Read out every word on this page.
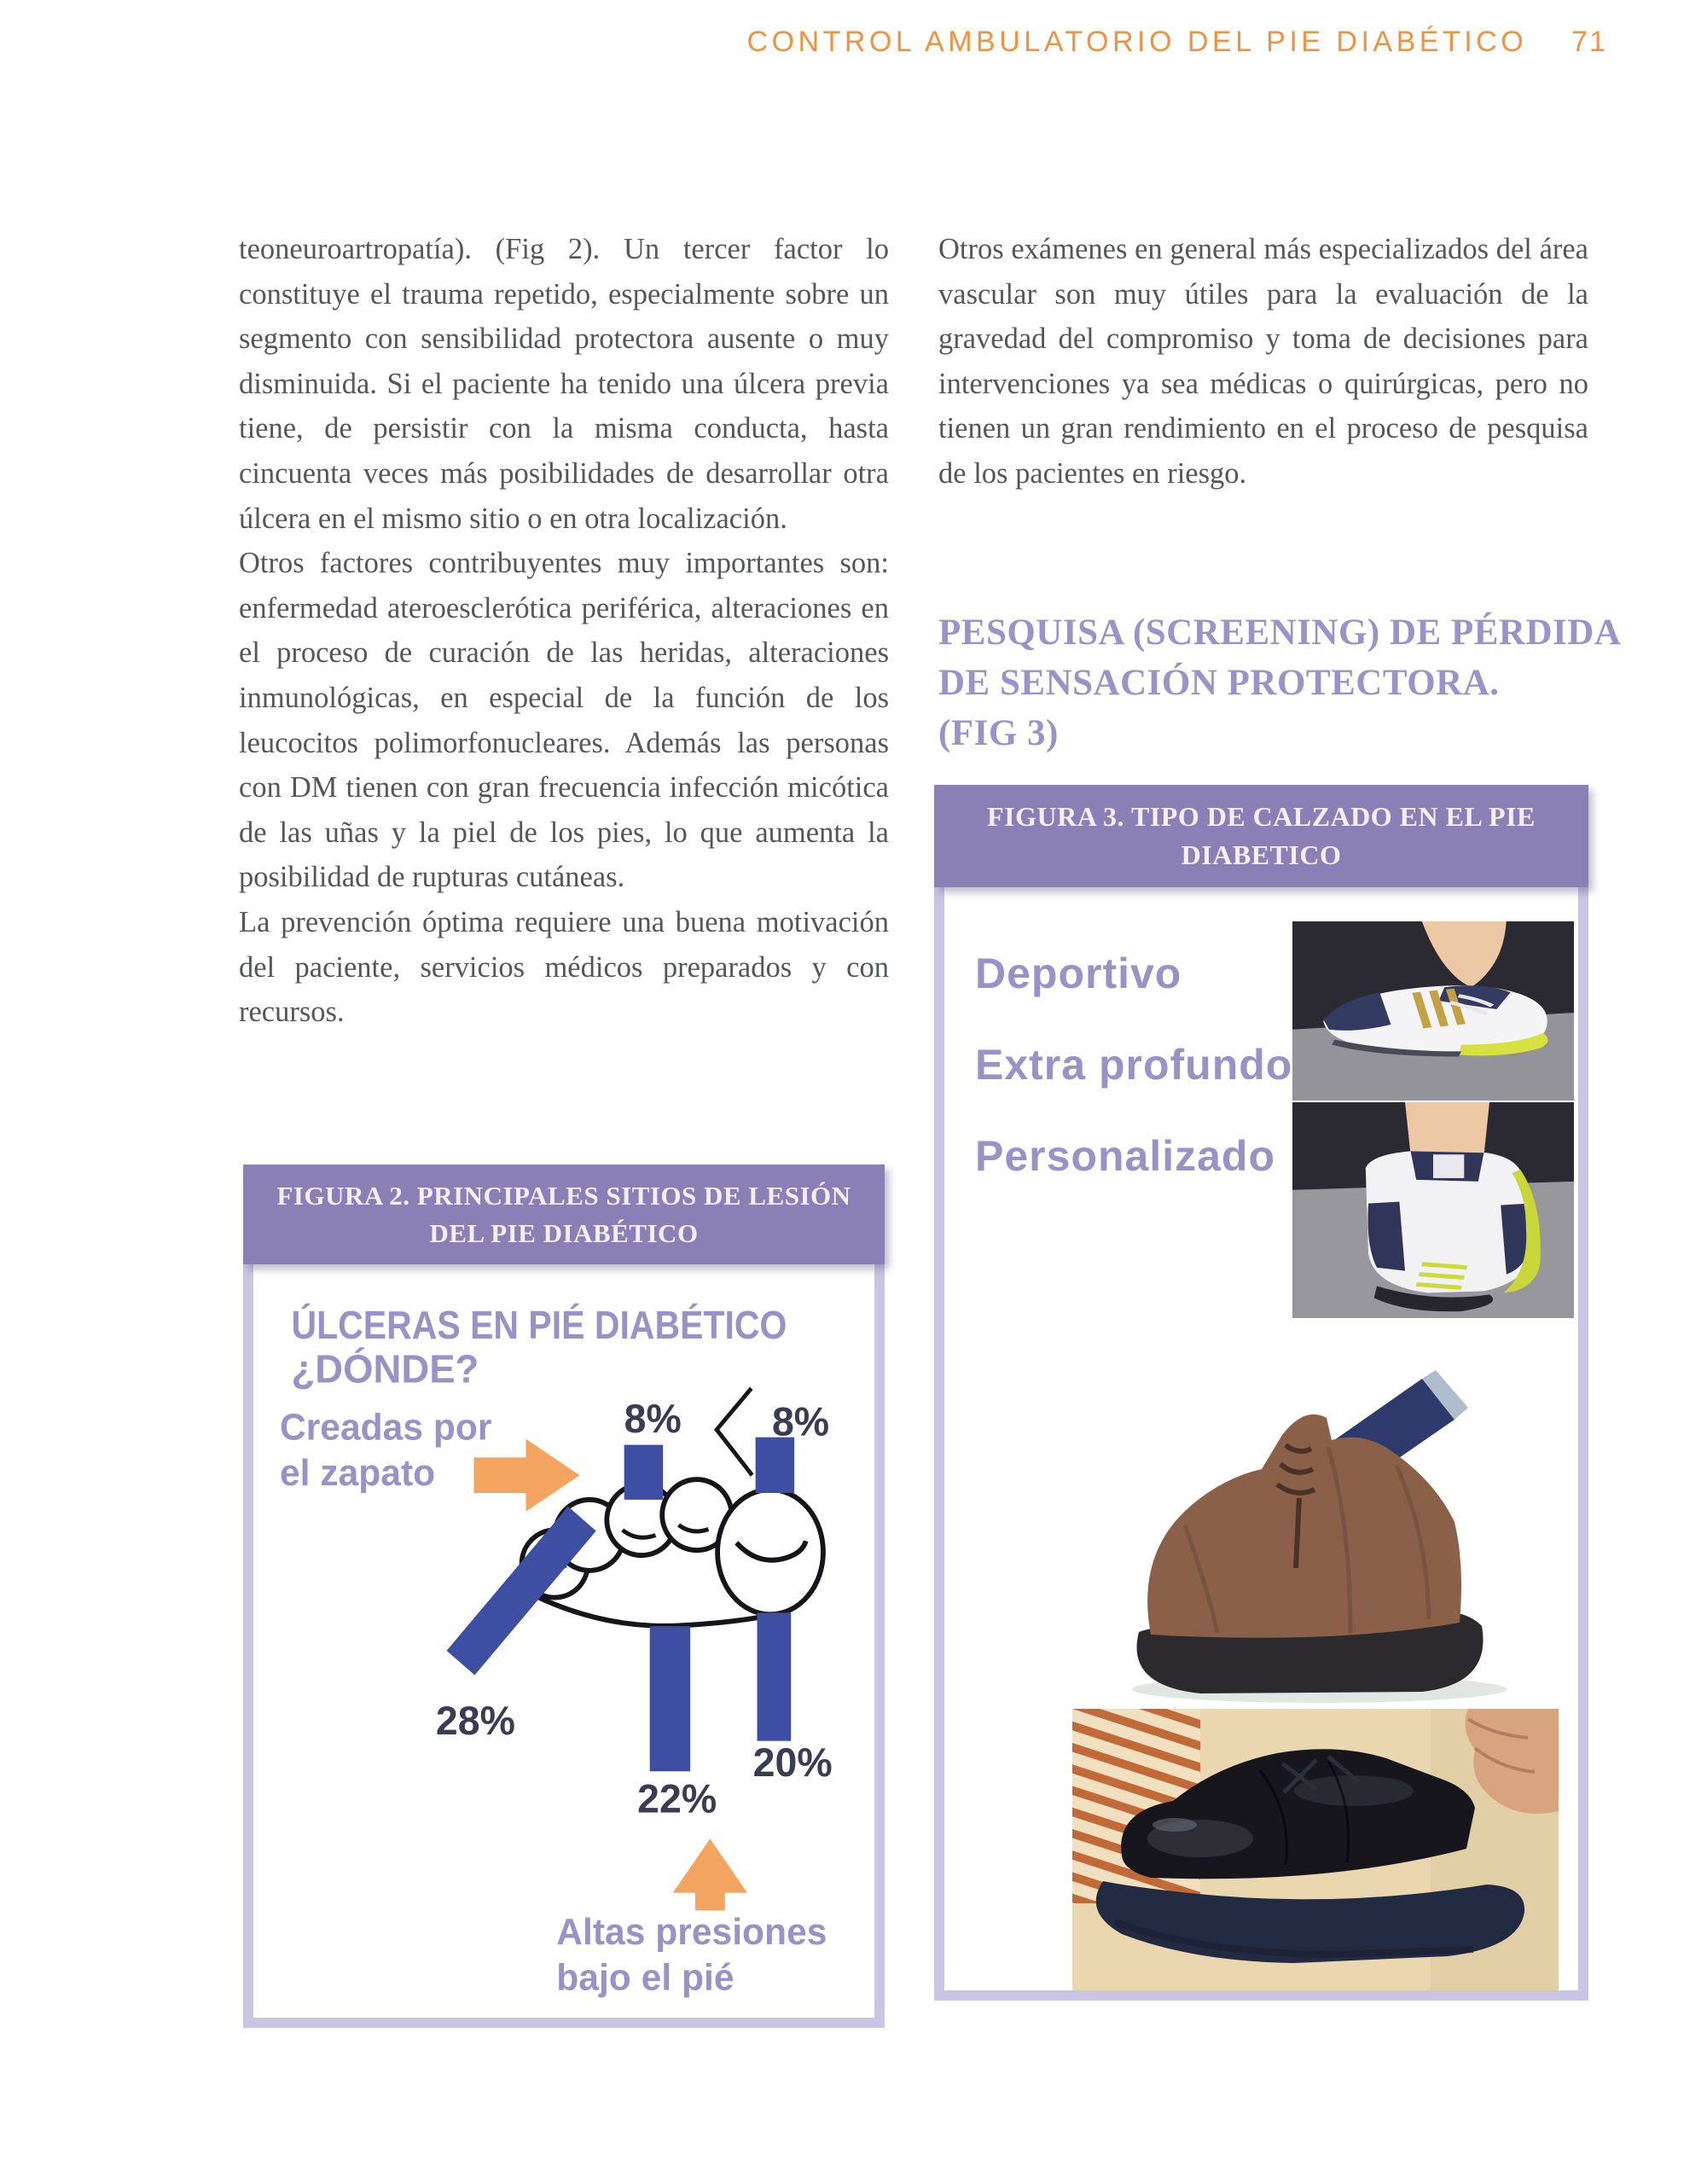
CONTROL AMBULATORIO DEL PIE DIABÉTICO 71

teoneuroartropatía). (Fig 2). Un tercer factor lo constituye el trauma repetido, especialmente sobre un segmento con sensibilidad protectora ausente o muy disminuida. Si el paciente ha tenido una úlcera previa tiene, de persistir con la misma conducta, hasta cincuenta veces más posibilidades de desarrollar otra úlcera en el mismo sitio o en otra localización.

Otros factores contribuyentes muy importantes son: enfermedad ateroesclerótica periférica, alteraciones en el proceso de curación de las heridas, alteraciones inmunológicas, en especial de la función de los leucocitos polimorfonucleares. Además las personas con DM tienen con gran frecuencia infección micótica de las uñas y la piel de los pies, lo que aumenta la posibilidad de rupturas cutáneas.

La prevención óptima requiere una buena motivación del paciente, servicios médicos preparados y con recursos.

Otros exámenes en general más especializados del área vascular son muy útiles para la evaluación de la gravedad del compromiso y toma de decisiones para intervenciones ya sea médicas o quirúrgicas, pero no tienen un gran rendimiento en el proceso de pesquisa de los pacientes en riesgo.

PESQUISA (SCREENING) DE PÉRDIDA
DE SENSACIÓN PROTECTORA.
(FIG 3)
FIGURA 2. PRINCIPALES SITIOS DE LESIÓN
DEL PIE DIABÉTICO
ÚLCERAS EN PIÉ DIABÉTICO
¿DÓNDE?
Creadas por
el zapato
8% 8%
28%
22%
20%
Altas presiones
bajo el pié
FIGURA 3. TIPO DE CALZADO EN EL PIE
DIABETICO
Deportivo
Extra profundo
Personalizado
